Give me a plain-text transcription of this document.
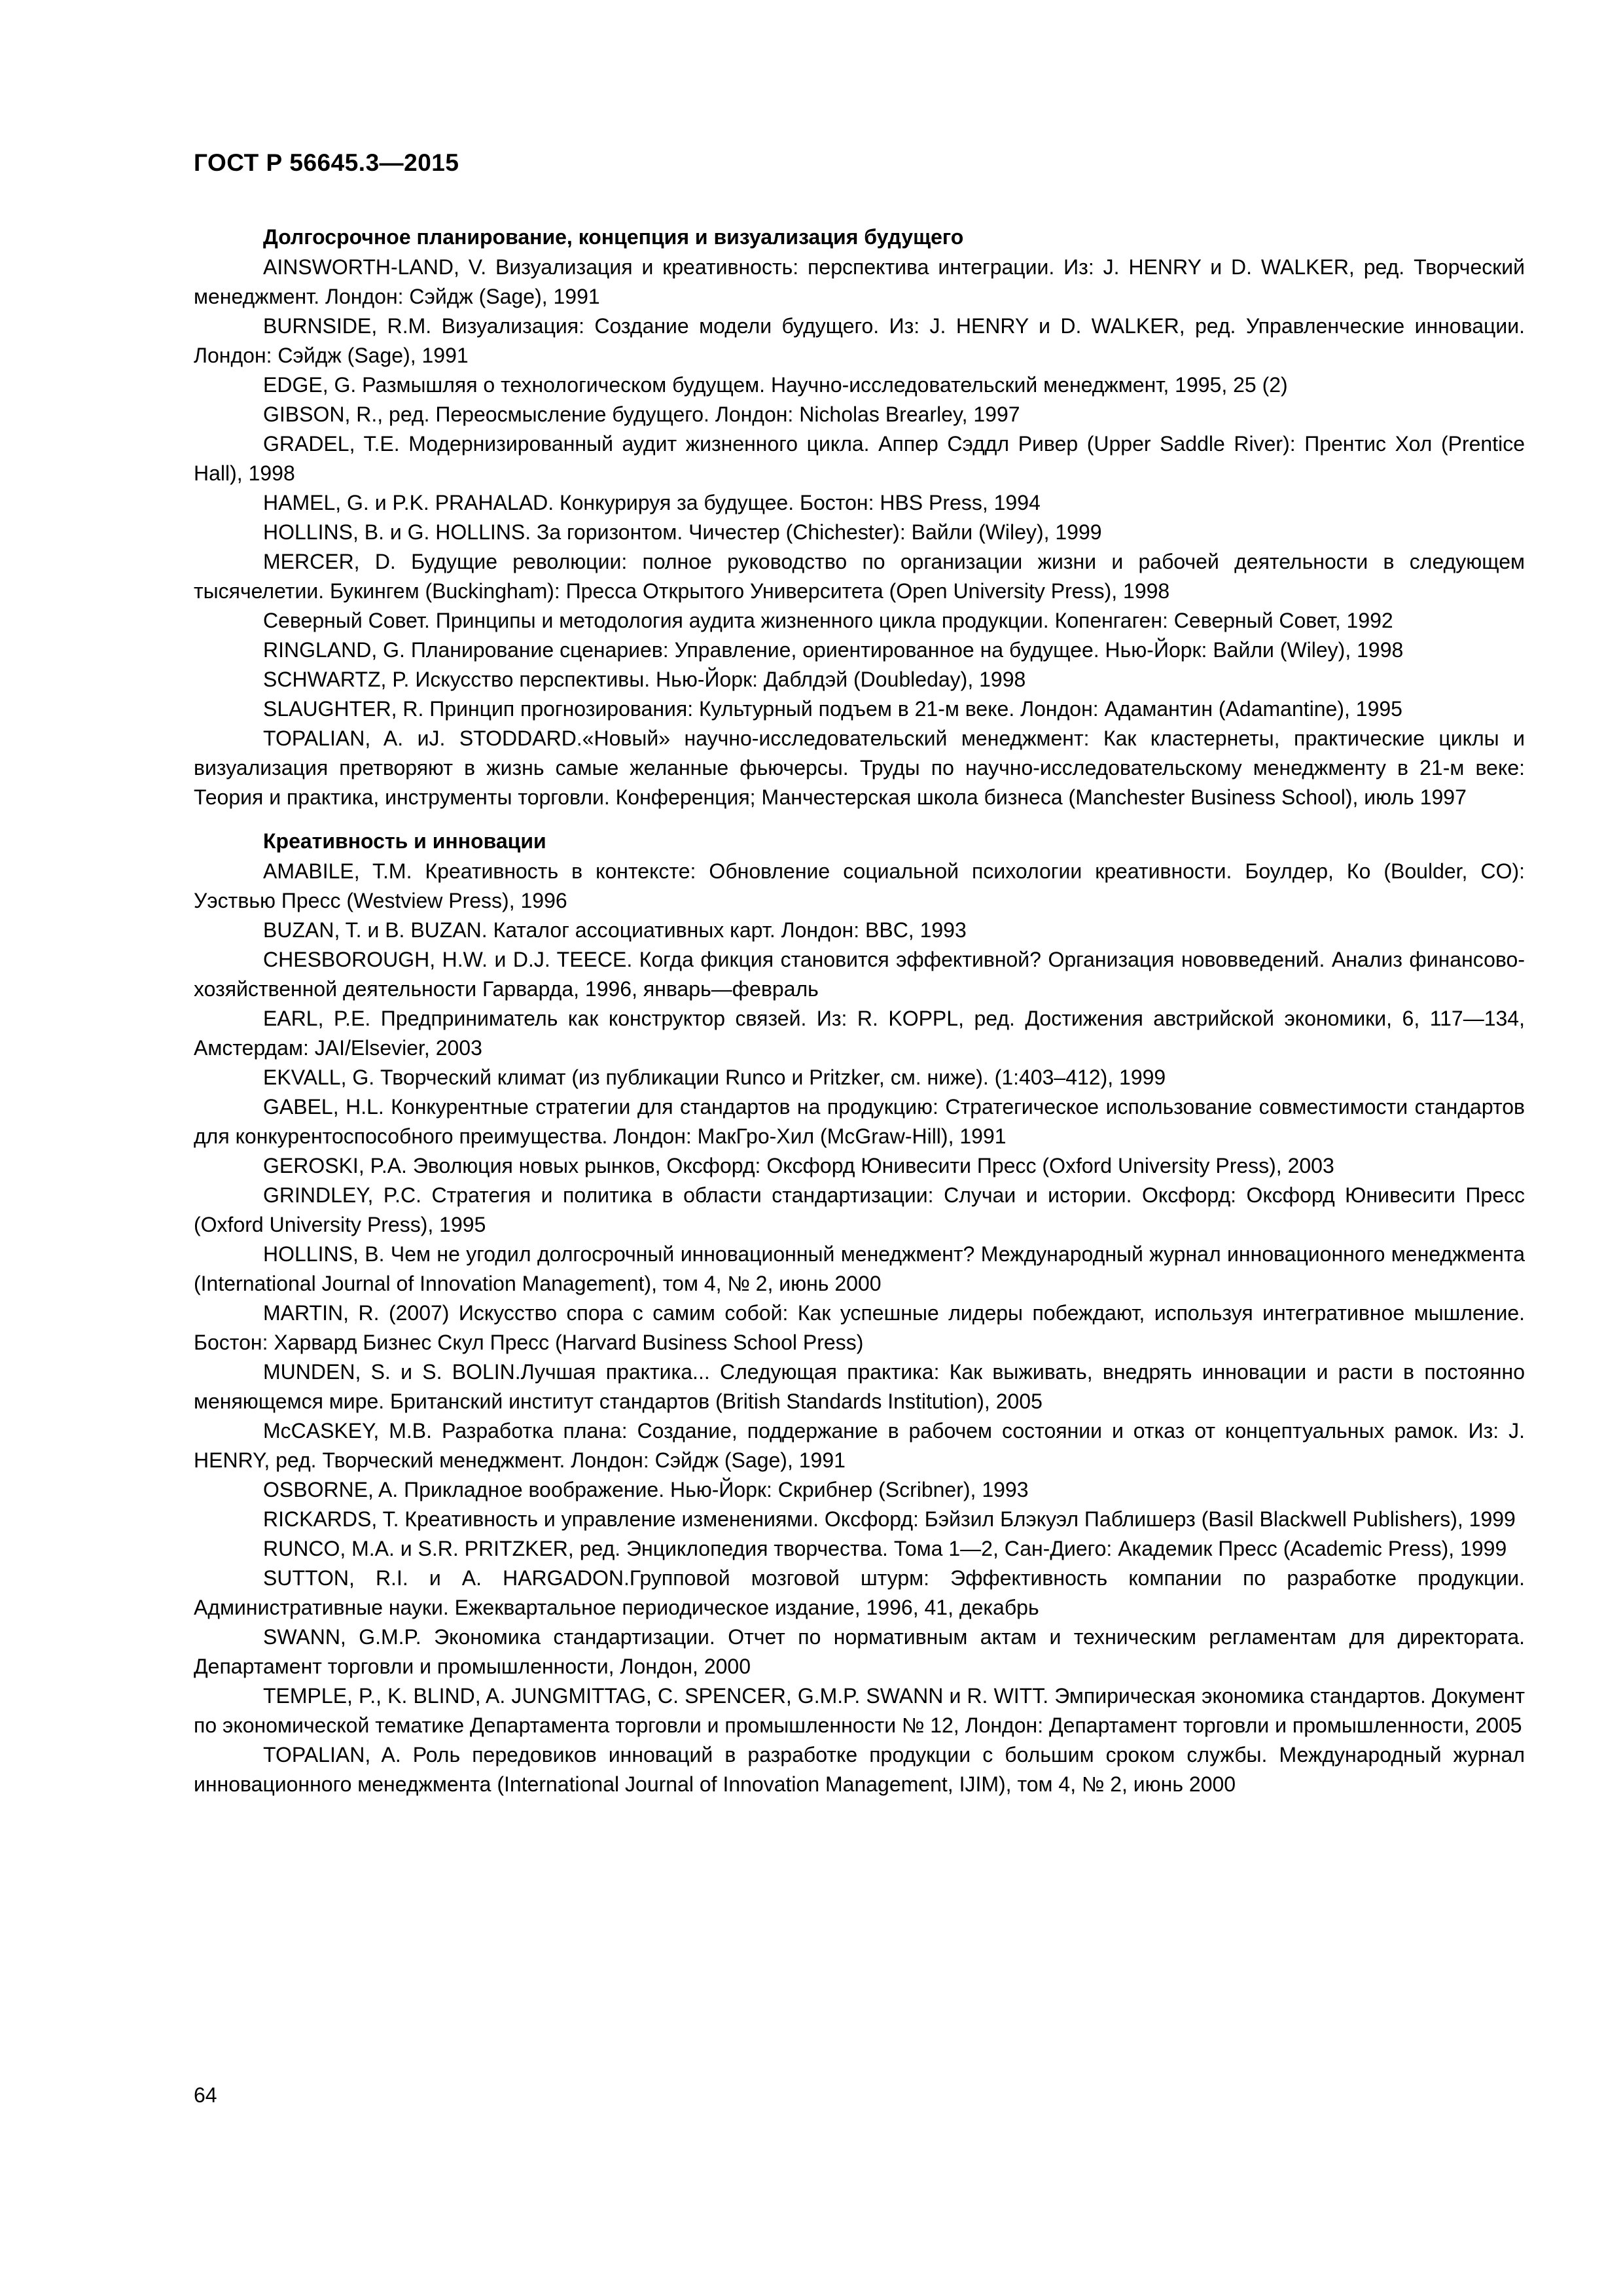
ГОСТ Р 56645.3—2015

Долгосрочное планирование, концепция и визуализация будущего

AINSWORTH-LAND, V. Визуализация и креативность: перспектива интеграции. Из: J. HENRY и D. WALKER, ред. Творческий менеджмент. Лондон: Сэйдж (Sage), 1991

BURNSIDE, R.M. Визуализация: Создание модели будущего. Из: J. HENRY и D. WALKER, ред. Управленческие инновации. Лондон: Сэйдж (Sage), 1991

EDGE, G. Размышляя о технологическом будущем. Научно-исследовательский менеджмент, 1995, 25 (2)

GIBSON, R., ред. Переосмысление будущего. Лондон: Nicholas Brearley, 1997

GRADEL, T.E. Модернизированный аудит жизненного цикла. Аппер Сэддл Ривер (Upper Saddle River): Прентис Хол (Prentice Hall), 1998

HAMEL, G. и P.K. PRAHALAD. Конкурируя за будущее. Бостон: HBS Press, 1994

HOLLINS, B. и G. HOLLINS. За горизонтом. Чичестер (Chichester): Вайли (Wiley), 1999

MERCER, D. Будущие революции: полное руководство по организации жизни и рабочей деятельности в следующем тысячелетии. Букингем (Buckingham): Пресса Открытого Университета (Open University Press), 1998

Северный Совет. Принципы и методология аудита жизненного цикла продукции. Копенгаген: Северный Совет, 1992

RINGLAND, G. Планирование сценариев: Управление, ориентированное на будущее. Нью-Йорк: Вайли (Wiley), 1998

SCHWARTZ, P. Искусство перспективы. Нью-Йорк: Даблдэй (Doubleday), 1998

SLAUGHTER, R. Принцип прогнозирования: Культурный подъем в 21-м веке. Лондон: Адамантин (Adamantine), 1995

TOPALIAN, A. иJ. STODDARD.«Новый» научно-исследовательский менеджмент: Как кластернеты, практические циклы и визуализация претворяют в жизнь самые желанные фьючерсы. Труды по научно-исследовательскому менеджменту в 21-м веке: Теория и практика, инструменты торговли. Конференция; Манчестерская школа бизнеса (Manchester Business School), июль 1997

Креативность и инновации

AMABILE, T.M. Креативность в контексте: Обновление социальной психологии креативности. Боулдер, Ко (Boulder, CO): Уэствью Пресс (Westview Press), 1996

BUZAN, T. и B. BUZAN. Каталог ассоциативных карт. Лондон: BBC, 1993

CHESBOROUGH, H.W. и D.J. TEECE. Когда фикция становится эффективной? Организация нововведений. Анализ финансово-хозяйственной деятельности Гарварда, 1996, январь—февраль

EARL, P.E. Предприниматель как конструктор связей. Из: R. KOPPL, ред. Достижения австрийской экономики, 6, 117—134, Амстердам: JAI/Elsevier, 2003

EKVALL, G. Творческий климат (из публикации Runco и Pritzker, см. ниже). (1:403–412), 1999

GABEL, H.L. Конкурентные стратегии для стандартов на продукцию: Стратегическое использование совместимости стандартов для конкурентоспособного преимущества. Лондон: МакГро-Хил (McGraw-Hill), 1991

GEROSKI, P.A. Эволюция новых рынков, Оксфорд: Оксфорд Юнивесити Пресс (Oxford University Press), 2003

GRINDLEY, P.C. Стратегия и политика в области стандартизации: Случаи и истории. Оксфорд: Оксфорд Юнивесити Пресс (Oxford University Press), 1995

HOLLINS, B. Чем не угодил долгосрочный инновационный менеджмент? Международный журнал инновационного менеджмента (International Journal of Innovation Management), том 4, № 2, июнь 2000

MARTIN, R. (2007) Искусство спора с самим собой: Как успешные лидеры побеждают, используя интегративное мышление. Бостон: Харвард Бизнес Скул Пресс (Harvard Business School Press)

MUNDEN, S. и S. BOLIN.Лучшая практика... Следующая практика: Как выживать, внедрять инновации и расти в постоянно меняющемся мире. Британский институт стандартов (British Standards Institution), 2005

McCASKEY, M.B. Разработка плана: Создание, поддержание в рабочем состоянии и отказ от концептуальных рамок. Из: J. HENRY, ред. Творческий менеджмент. Лондон: Сэйдж (Sage), 1991

OSBORNE, A. Прикладное воображение. Нью-Йорк: Скрибнер (Scribner), 1993

RICKARDS, T. Креативность и управление изменениями. Оксфорд: Бэйзил Блэкуэл Паблишерз (Basil Blackwell Publishers), 1999

RUNCO, M.A. и S.R. PRITZKER, ред. Энциклопедия творчества. Тома 1—2, Сан-Диего: Академик Пресс (Academic Press), 1999

SUTTON, R.I. и A. HARGADON.Групповой мозговой штурм: Эффективность компании по разработке продукции. Административные науки. Ежеквартальное периодическое издание, 1996, 41, декабрь

SWANN, G.M.P. Экономика стандартизации. Отчет по нормативным актам и техническим регламентам для директората. Департамент торговли и промышленности, Лондон, 2000

TEMPLE, P., K. BLIND, A. JUNGMITTAG, C. SPENCER, G.M.P. SWANN и R. WITT. Эмпирическая экономика стандартов. Документ по экономической тематике Департамента торговли и промышленности № 12, Лондон: Департамент торговли и промышленности, 2005

TOPALIAN, A. Роль передовиков инноваций в разработке продукции с большим сроком службы. Международный журнал инновационного менеджмента (International Journal of Innovation Management, IJIM), том 4, № 2, июнь 2000

64
